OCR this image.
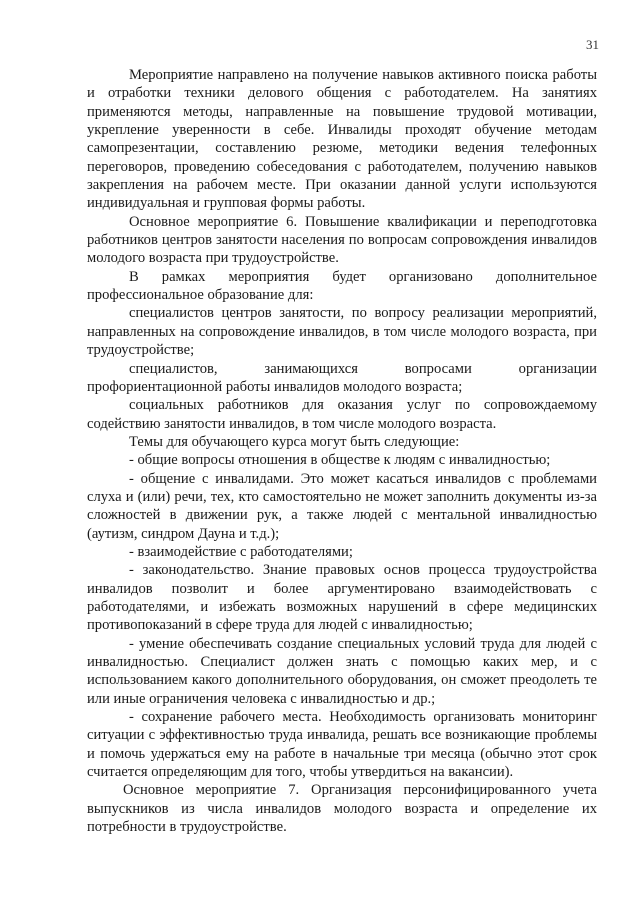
31

Мероприятие направлено на получение навыков активного поиска работы и отработки техники делового общения с работодателем. На занятиях применяются методы, направленные на повышение трудовой мотивации, укрепление уверенности в себе. Инвалиды проходят обучение методам самопрезентации, составлению резюме, методики ведения телефонных переговоров, проведению собеседования с работодателем, получению навыков закрепления на рабочем месте. При оказании данной услуги используются индивидуальная и групповая формы работы.

Основное мероприятие 6. Повышение квалификации и переподготовка работников центров занятости населения по вопросам сопровождения инвалидов молодого возраста при трудоустройстве.

В рамках мероприятия будет организовано дополнительное профессиональное образование для:

специалистов центров занятости, по вопросу реализации мероприятий, направленных на сопровождение инвалидов, в том числе молодого возраста, при трудоустройстве;

специалистов, занимающихся вопросами организации профориентационной работы инвалидов молодого возраста;

социальных работников для оказания услуг по сопровождаемому содействию занятости инвалидов, в том числе молодого возраста.

Темы для обучающего курса могут быть следующие:

- общие вопросы отношения в обществе к людям с инвалидностью;

- общение с инвалидами. Это может касаться инвалидов с проблемами слуха и (или) речи, тех, кто самостоятельно не может заполнить документы из-за сложностей в движении рук, а также людей с ментальной инвалидностью (аутизм, синдром Дауна и т.д.);

- взаимодействие с работодателями;

- законодательство. Знание правовых основ процесса трудоустройства инвалидов позволит и более аргументировано взаимодействовать с работодателями, и избежать возможных нарушений в сфере медицинских противопоказаний в сфере труда для людей с инвалидностью;

- умение обеспечивать создание специальных условий труда для людей с инвалидностью. Специалист должен знать с помощью каких мер, и с использованием какого дополнительного оборудования, он сможет преодолеть те или иные ограничения человека с инвалидностью и др.;

- сохранение рабочего места. Необходимость организовать мониторинг ситуации с эффективностью труда инвалида, решать все возникающие проблемы и помочь удержаться ему на работе в начальные три месяца (обычно этот срок считается определяющим для того, чтобы утвердиться на вакансии).

Основное мероприятие 7. Организация персонифицированного учета выпускников из числа инвалидов молодого возраста и определение их потребности в трудоустройстве.
